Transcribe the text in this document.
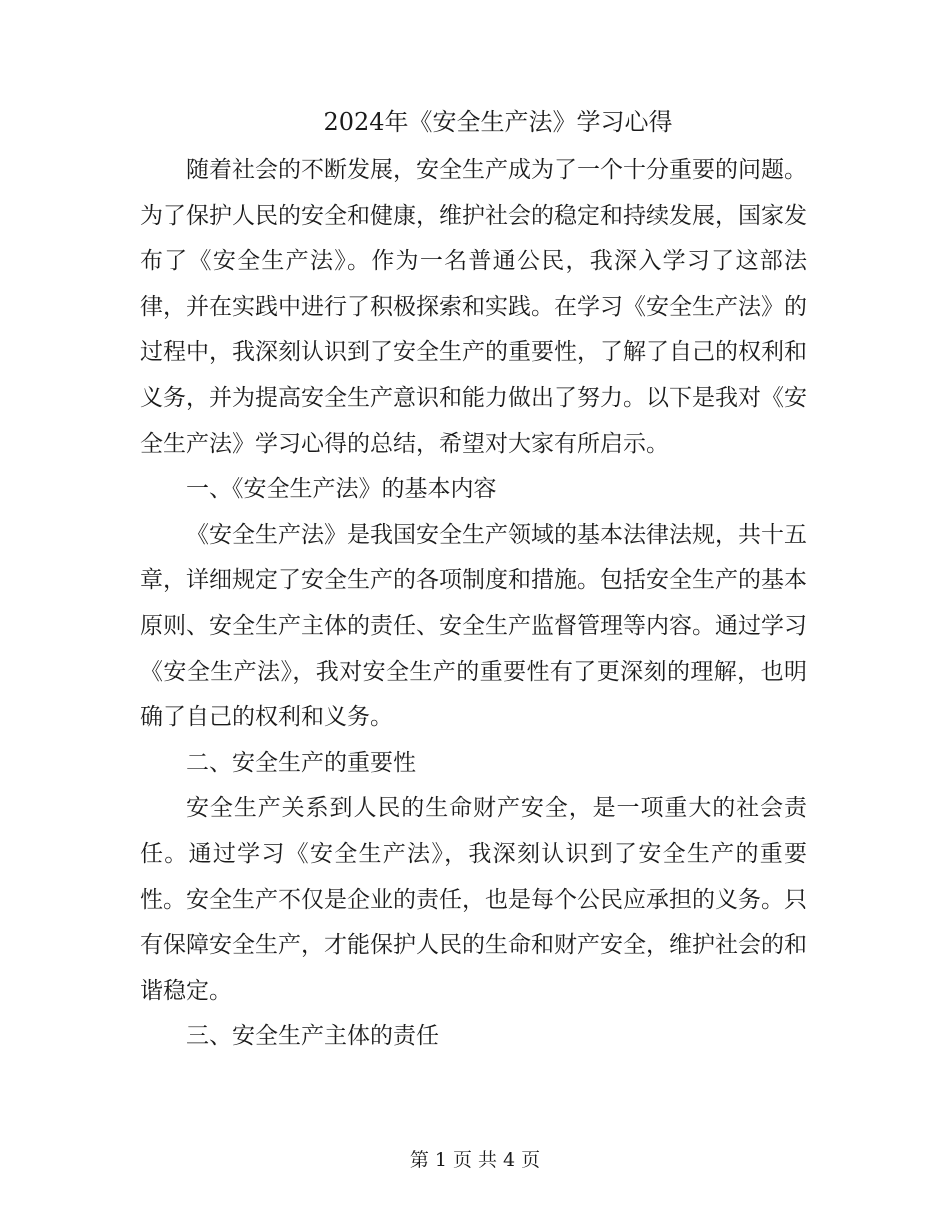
2024年《安全生产法》学习心得

随着社会的不断发展，安全生产成为了一个十分重要的问题。为了保护人民的安全和健康，维护社会的稳定和持续发展，国家发布了《安全生产法》。作为一名普通公民，我深入学习了这部法律，并在实践中进行了积极探索和实践。在学习《安全生产法》的过程中，我深刻认识到了安全生产的重要性，了解了自己的权利和义务，并为提高安全生产意识和能力做出了努力。以下是我对《安全生产法》学习心得的总结，希望对大家有所启示。

一、《安全生产法》的基本内容

《安全生产法》是我国安全生产领域的基本法律法规，共十五章，详细规定了安全生产的各项制度和措施。包括安全生产的基本原则、安全生产主体的责任、安全生产监督管理等内容。通过学习《安全生产法》，我对安全生产的重要性有了更深刻的理解，也明确了自己的权利和义务。

二、安全生产的重要性

安全生产关系到人民的生命财产安全，是一项重大的社会责任。通过学习《安全生产法》，我深刻认识到了安全生产的重要性。安全生产不仅是企业的责任，也是每个公民应承担的义务。只有保障安全生产，才能保护人民的生命和财产安全，维护社会的和谐稳定。

三、安全生产主体的责任

第 1 页 共 4 页
